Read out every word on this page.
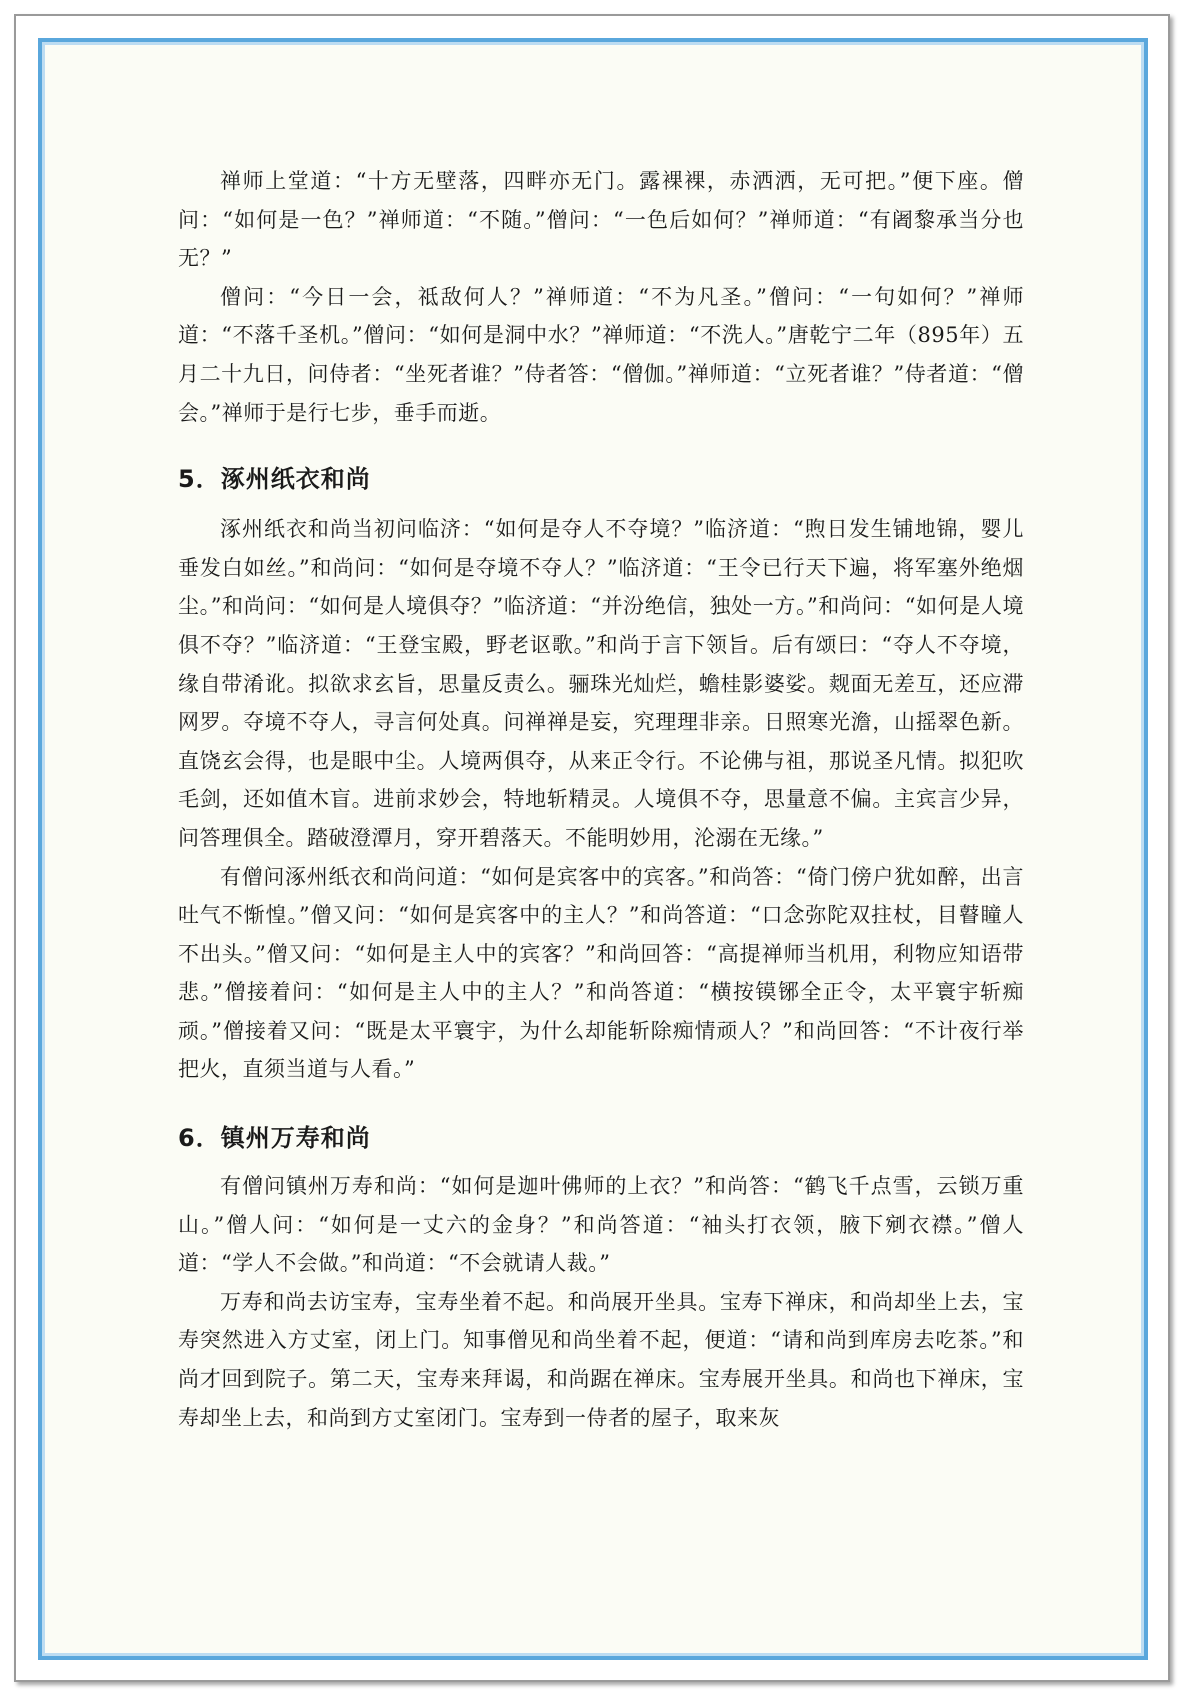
禅师上堂道：“十方无壁落，四畔亦无门。露裸裸，赤洒洒，无可把。”便下座。僧问：“如何是一色？”禅师道：“不随。”僧问：“一色后如何？”禅师道：“有阇黎承当分也无？”

僧问：“今日一会，祗敌何人？”禅师道：“不为凡圣。”僧问：“一句如何？”禅师道：“不落千圣机。”僧问：“如何是洞中水？”禅师道：“不洗人。”唐乾宁二年（895年）五月二十九日，问侍者：“坐死者谁？”侍者答：“僧伽。”禅师道：“立死者谁？”侍者道：“僧会。”禅师于是行七步，垂手而逝。

5．涿州纸衣和尚

涿州纸衣和尚当初问临济：“如何是夺人不夺境？”临济道：“煦日发生铺地锦，婴儿垂发白如丝。”和尚问：“如何是夺境不夺人？”临济道：“王令已行天下遍，将军塞外绝烟尘。”和尚问：“如何是人境俱夺？”临济道：“并汾绝信，独处一方。”和尚问：“如何是人境俱不夺？”临济道：“王登宝殿，野老讴歌。”和尚于言下领旨。后有颂曰：“夺人不夺境，缘自带淆讹。拟欲求玄旨，思量反责么。骊珠光灿烂，蟾桂影婆娑。觌面无差互，还应滞网罗。夺境不夺人，寻言何处真。问禅禅是妄，究理理非亲。日照寒光澹，山摇翠色新。直饶玄会得，也是眼中尘。人境两俱夺，从来正令行。不论佛与祖，那说圣凡情。拟犯吹毛剑，还如值木盲。进前求妙会，特地斩精灵。人境俱不夺，思量意不偏。主宾言少异，问答理俱全。踏破澄潭月，穿开碧落天。不能明妙用，沦溺在无缘。”

有僧问涿州纸衣和尚问道：“如何是宾客中的宾客。”和尚答：“倚门傍户犹如醉，出言吐气不惭惶。”僧又问：“如何是宾客中的主人？”和尚答道：“口念弥陀双拄杖，目瞽瞳人不出头。”僧又问：“如何是主人中的宾客？”和尚回答：“高提禅师当机用，利物应知语带悲。”僧接着问：“如何是主人中的主人？”和尚答道：“横按镆铘全正令，太平寰宇斩痴顽。”僧接着又问：“既是太平寰宇，为什么却能斩除痴情顽人？”和尚回答：“不计夜行举把火，直须当道与人看。”

6．镇州万寿和尚

有僧问镇州万寿和尚：“如何是迦叶佛师的上衣？”和尚答：“鹤飞千点雪，云锁万重山。”僧人问：“如何是一丈六的金身？”和尚答道：“袖头打衣领，腋下剜衣襟。”僧人道：“学人不会做。”和尚道：“不会就请人裁。”

万寿和尚去访宝寿，宝寿坐着不起。和尚展开坐具。宝寿下禅床，和尚却坐上去，宝寿突然进入方丈室，闭上门。知事僧见和尚坐着不起，便道：“请和尚到库房去吃茶。”和尚才回到院子。第二天，宝寿来拜谒，和尚踞在禅床。宝寿展开坐具。和尚也下禅床，宝寿却坐上去，和尚到方丈室闭门。宝寿到一侍者的屋子，取来灰
